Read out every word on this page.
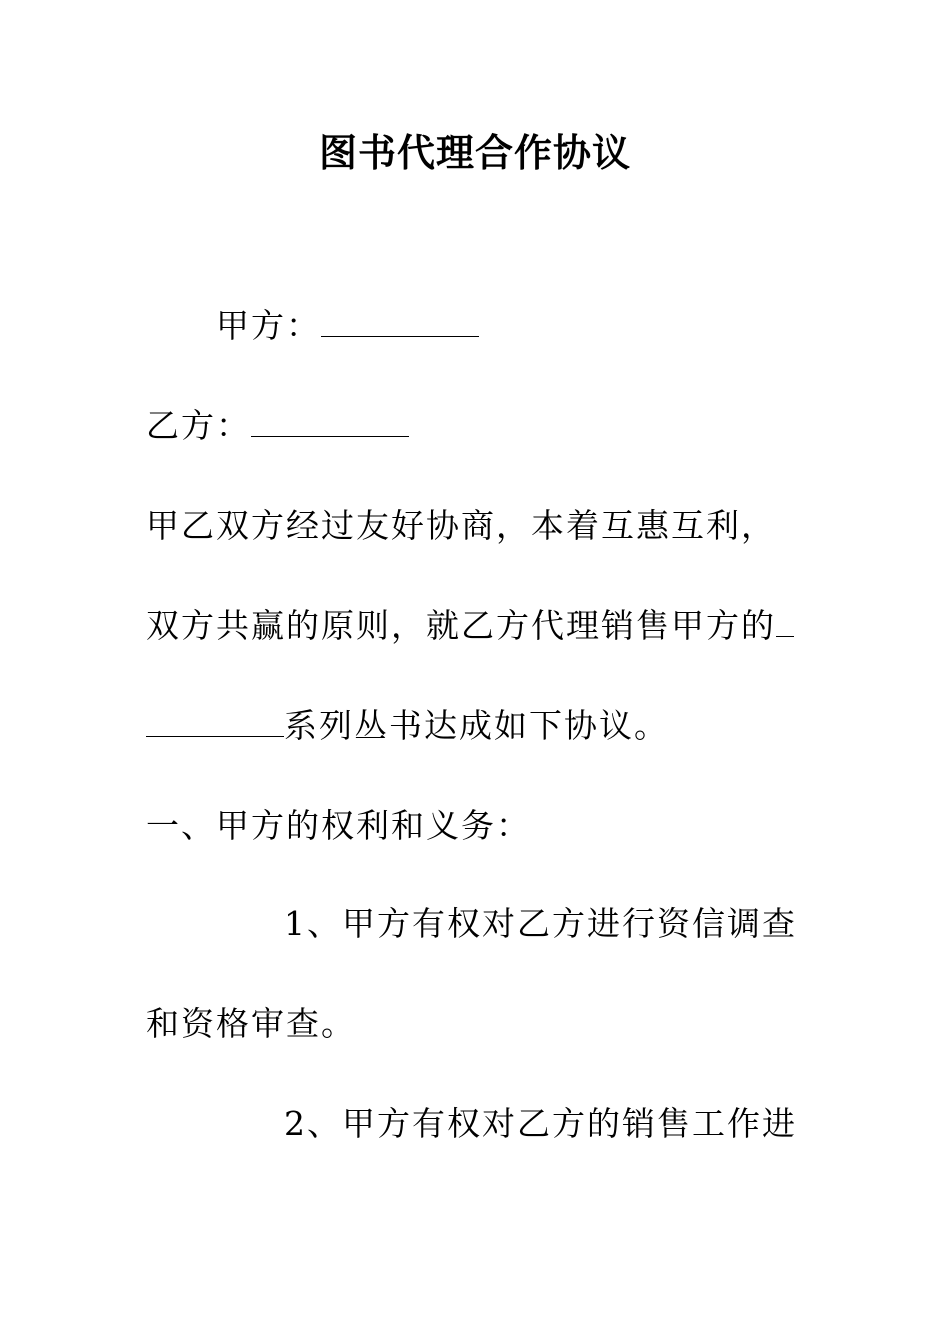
图书代理合作协议
甲方：
乙方：
甲乙双方经过友好协商，本着互惠互利，
双方共赢的原则，就乙方代理销售甲方的
系列丛书达成如下协议。
一、甲方的权利和义务：
1、甲方有权对乙方进行资信调查
和资格审查。
2、甲方有权对乙方的销售工作进
